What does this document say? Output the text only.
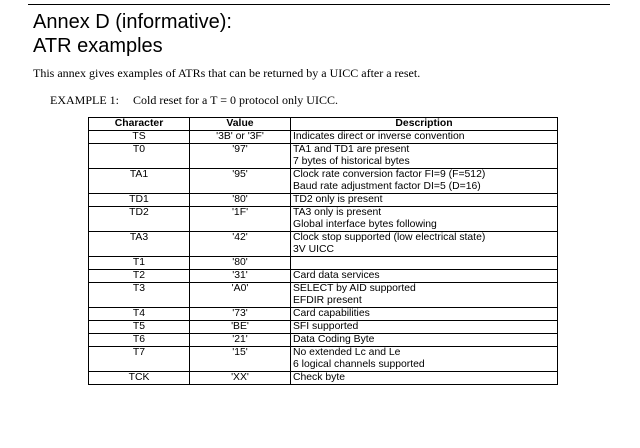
Annex D (informative):
ATR examples
This annex gives examples of ATRs that can be returned by a UICC after a reset.
EXAMPLE 1: Cold reset for a T = 0 protocol only UICC.
Character	Value	Description
TS	'3B' or '3F'	Indicates direct or inverse convention

T0	'97'	TA1 and TD1 are present
7 bytes of historical bytes

TA1	'95'	Clock rate conversion factor FI=9 (F=512)
Baud rate adjustment factor DI=5 (D=16)

TD1	'80'	TD2 only is present

TD2	'1F'	TA3 only is present
Global interface bytes following

TA3	'42'	Clock stop supported (low electrical state)
3V UICC

T1	'80'	

T2	'31'	Card data services

T3	'A0'	SELECT by AID supported
EFDIR present

T4	'73'	Card capabilities

T5	'BE'	SFI supported

T6	'21'	Data Coding Byte

T7	'15'	No extended Lc and Le
6 logical channels supported

TCK	'XX'	Check byte
